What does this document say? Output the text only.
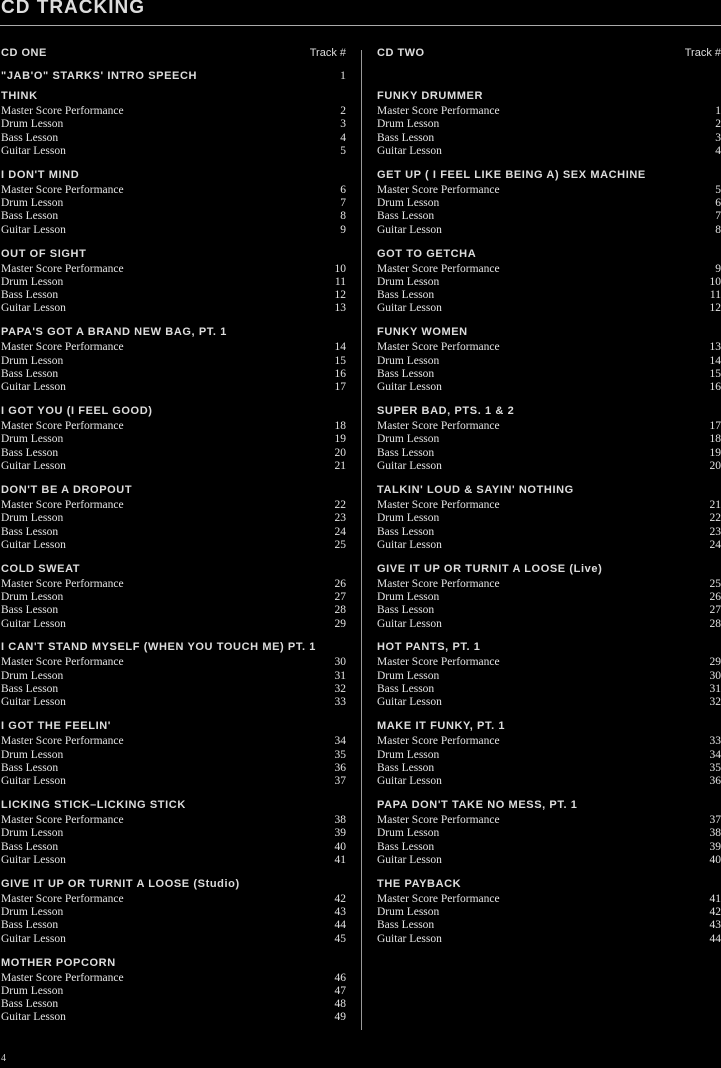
CD TRACKING
CD ONE	Track #
"JAB'O" STARKS' INTRO SPEECH	1
THINK
Master Score Performance	2
Drum Lesson	3
Bass Lesson	4
Guitar Lesson	5
I DON'T MIND
Master Score Performance	6
Drum Lesson	7
Bass Lesson	8
Guitar Lesson	9
OUT OF SIGHT
Master Score Performance	10
Drum Lesson	11
Bass Lesson	12
Guitar Lesson	13
PAPA'S GOT A BRAND NEW BAG, PT. 1
Master Score Performance	14
Drum Lesson	15
Bass Lesson	16
Guitar Lesson	17
I GOT YOU (I FEEL GOOD)
Master Score Performance	18
Drum Lesson	19
Bass Lesson	20
Guitar Lesson	21
DON'T BE A DROPOUT
Master Score Performance	22
Drum Lesson	23
Bass Lesson	24
Guitar Lesson	25
COLD SWEAT
Master Score Performance	26
Drum Lesson	27
Bass Lesson	28
Guitar Lesson	29
I CAN'T STAND MYSELF (WHEN YOU TOUCH ME) PT. 1
Master Score Performance	30
Drum Lesson	31
Bass Lesson	32
Guitar Lesson	33
I GOT THE FEELIN'
Master Score Performance	34
Drum Lesson	35
Bass Lesson	36
Guitar Lesson	37
LICKING STICK–LICKING STICK
Master Score Performance	38
Drum Lesson	39
Bass Lesson	40
Guitar Lesson	41
GIVE IT UP OR TURNIT A LOOSE (Studio)
Master Score Performance	42
Drum Lesson	43
Bass Lesson	44
Guitar Lesson	45
MOTHER POPCORN
Master Score Performance	46
Drum Lesson	47
Bass Lesson	48
Guitar Lesson	49
CD TWO	Track #
FUNKY DRUMMER
Master Score Performance	1
Drum Lesson	2
Bass Lesson	3
Guitar Lesson	4
GET UP ( I FEEL LIKE BEING A) SEX MACHINE
Master Score Performance	5
Drum Lesson	6
Bass Lesson	7
Guitar Lesson	8
GOT TO GETCHA
Master Score Performance	9
Drum Lesson	10
Bass Lesson	11
Guitar Lesson	12
FUNKY WOMEN
Master Score Performance	13
Drum Lesson	14
Bass Lesson	15
Guitar Lesson	16
SUPER BAD, PTS. 1 & 2
Master Score Performance	17
Drum Lesson	18
Bass Lesson	19
Guitar Lesson	20
TALKIN' LOUD & SAYIN' NOTHING
Master Score Performance	21
Drum Lesson	22
Bass Lesson	23
Guitar Lesson	24
GIVE IT UP OR TURNIT A LOOSE (Live)
Master Score Performance	25
Drum Lesson	26
Bass Lesson	27
Guitar Lesson	28
HOT PANTS, PT. 1
Master Score Performance	29
Drum Lesson	30
Bass Lesson	31
Guitar Lesson	32
MAKE IT FUNKY, PT. 1
Master Score Performance	33
Drum Lesson	34
Bass Lesson	35
Guitar Lesson	36
PAPA DON'T TAKE NO MESS, PT. 1
Master Score Performance	37
Drum Lesson	38
Bass Lesson	39
Guitar Lesson	40
THE PAYBACK
Master Score Performance	41
Drum Lesson	42
Bass Lesson	43
Guitar Lesson	44
4
